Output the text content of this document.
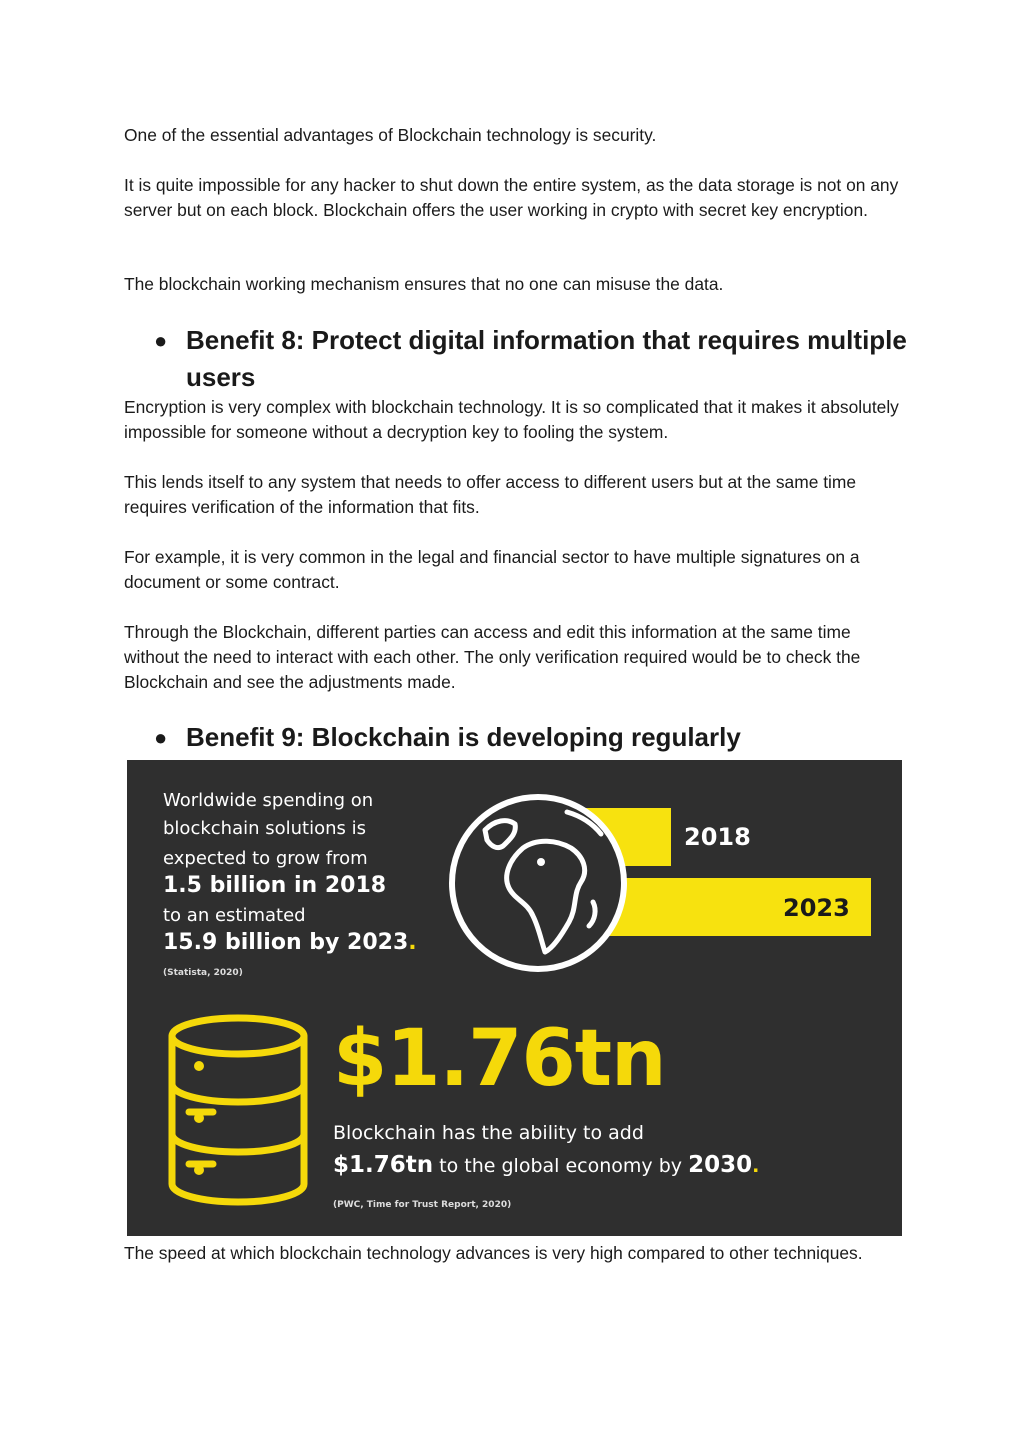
One of the essential advantages of Blockchain technology is security.

It is quite impossible for any hacker to shut down the entire system, as the data storage is not on any server but on each block. Blockchain offers the user working in crypto with secret key encryption.

The blockchain working mechanism ensures that no one can misuse the data.

● Benefit 8: Protect digital information that requires multiple users

Encryption is very complex with blockchain technology. It is so complicated that it makes it absolutely impossible for someone without a decryption key to fooling the system.

This lends itself to any system that needs to offer access to different users but at the same time requires verification of the information that fits.

For example, it is very common in the legal and financial sector to have multiple signatures on a document or some contract.

Through the Blockchain, different parties can access and edit this information at the same time without the need to interact with each other. The only verification required would be to check the Blockchain and see the adjustments made.

● Benefit 9: Blockchain is developing regularly
Worldwide spending on
blockchain solutions is
expected to grow from
1.5 billion in 2018
to an estimated
15.9 billion by 2023.
(Statista, 2020)
2018
2023
$1.76tn
Blockchain has the ability to add
$1.76tn to the global economy by 2030.
(PWC, Time for Trust Report, 2020)

The speed at which blockchain technology advances is very high compared to other techniques.
